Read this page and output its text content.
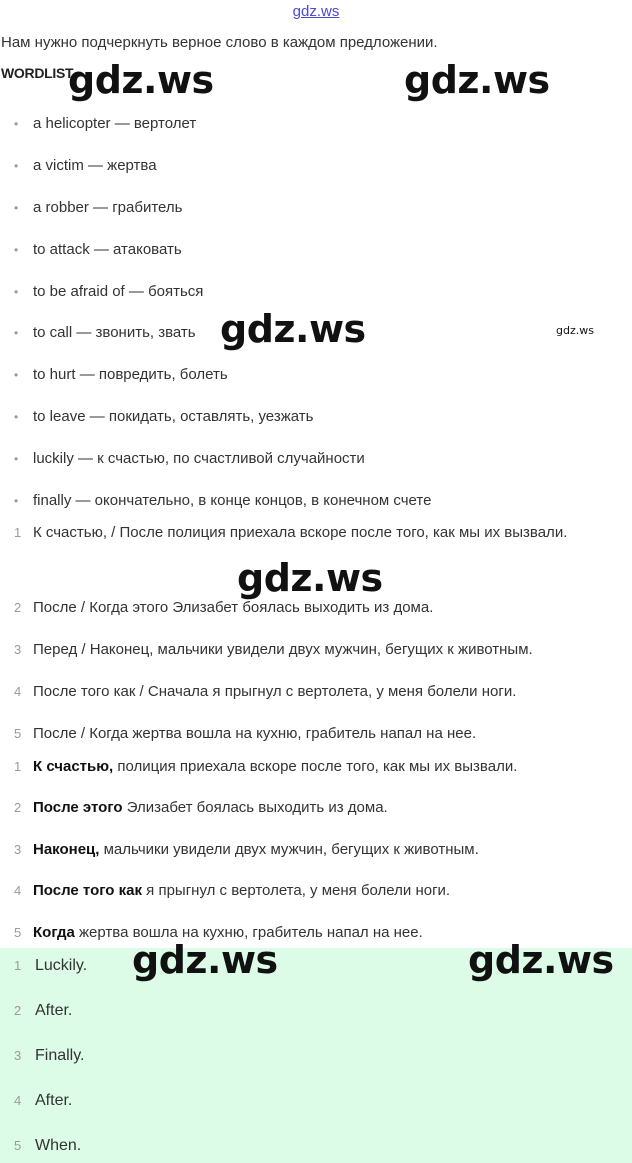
gdz.ws
Нам нужно подчеркнуть верное слово в каждом предложении.
WORDLIST
• a helicopter — вертолет
• a victim — жертва
• a robber — грабитель
• to attack — атаковать
• to be afraid of — бояться
• to call — звонить, звать
• to hurt — повредить, болеть
• to leave — покидать, оставлять, уезжать
• luckily — к счастью, по счастливой случайности
• finally — окончательно, в конце концов, в конечном счете
1 К счастью, / После полиция приехала вскоре после того, как мы их вызвали.
2 После / Когда этого Элизабет боялась выходить из дома.
3 Перед / Наконец, мальчики увидели двух мужчин, бегущих к животным.
4 После того как / Сначала я прыгнул с вертолета, у меня болели ноги.
5 После / Когда жертва вошла на кухню, грабитель напал на нее.
1 К счастью, полиция приехала вскоре после того, как мы их вызвали.
2 После этого Элизабет боялась выходить из дома.
3 Наконец, мальчики увидели двух мужчин, бегущих к животным.
4 После того как я прыгнул с вертолета, у меня болели ноги.
5 Когда жертва вошла на кухню, грабитель напал на нее.
1 Luckily.
2 After.
3 Finally.
4 After.
5 When.
gdz.ws	gdz.ws
gdz.ws	gdz.ws
gdz.ws
gdz.ws	gdz.ws
